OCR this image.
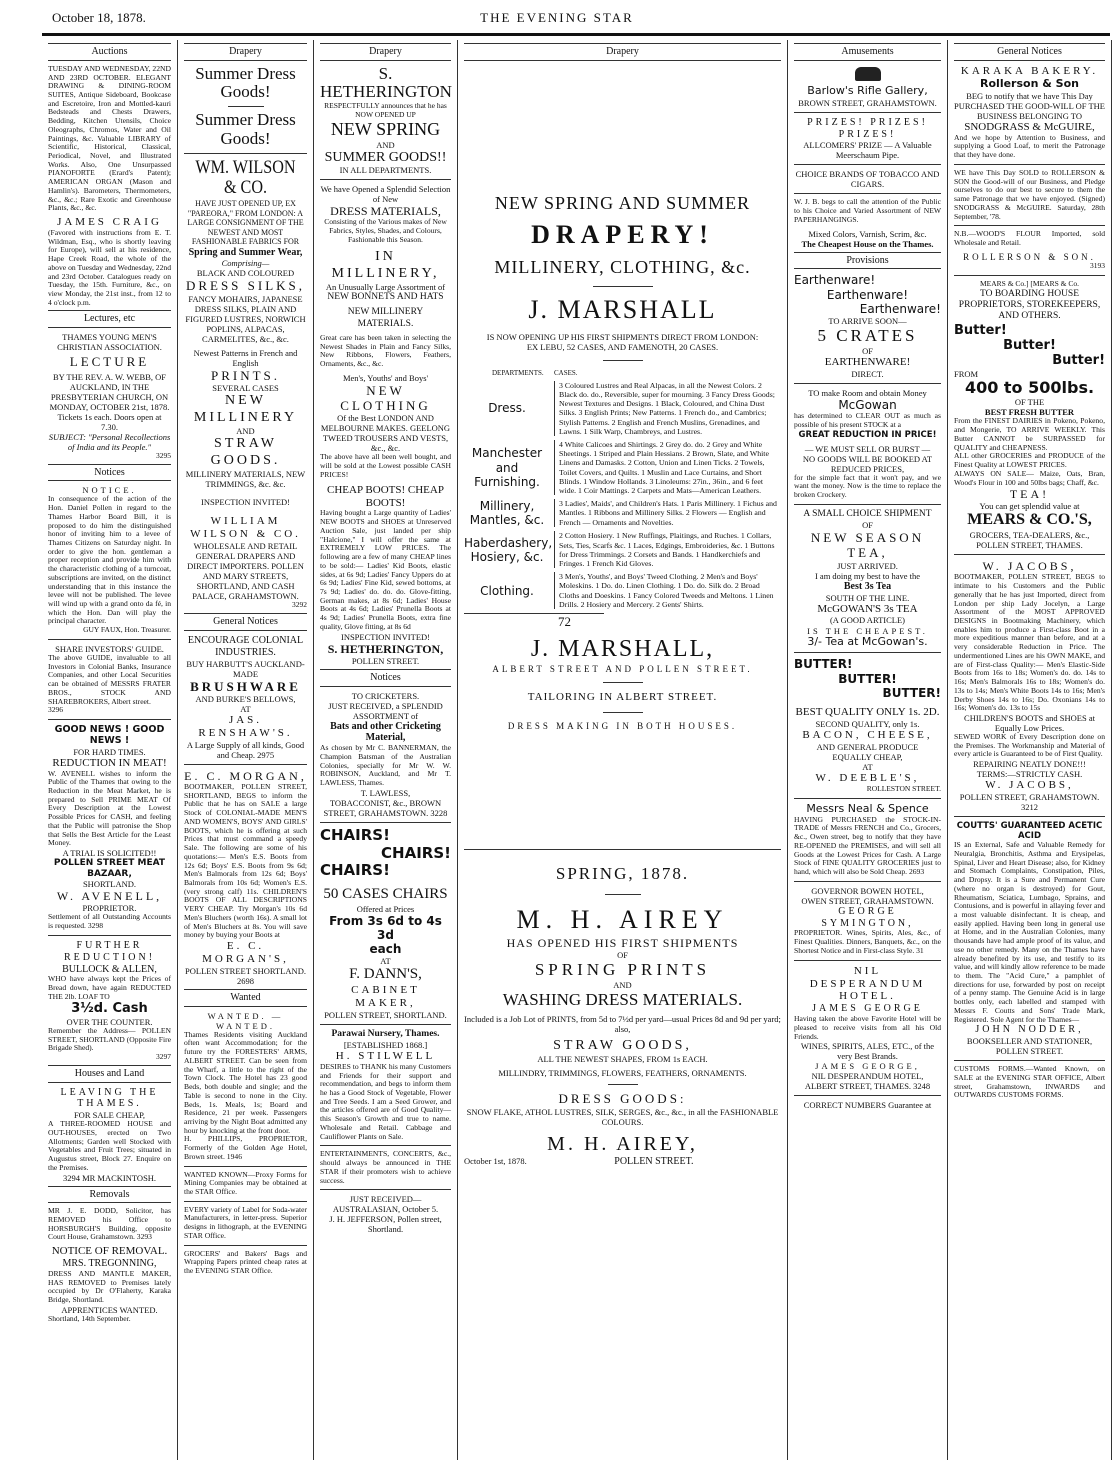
October 18, 1878.	THE EVENING STAR
Auctions
TUESDAY AND WEDNESDAY, 22ND AND 23RD OCTOBER. ELEGANT DRAWING & DINING-ROOM SUITES, Antique Sideboard, Bookcase and Escretoire, Iron and Mottled-kauri Bedsteads and Chests Drawers, Bedding, Kitchen Utensils, Choice Oleographs, Chromos, Water and Oil Paintings, &c. Valuable LIBRARY of Scientific, Historical, Classical, Periodical, Novel, and Illustrated Works. Also, One Unsurpassed PIANOFORTE (Erard's Patent); AMERICAN ORGAN (Mason and Hamlin's). Barometers, Thermometers, &c., &c.; Rare Exotic and Greenhouse Plants, &c., &c.
JAMES CRAIG
(Favored with instructions from E. T. Wildman, Esq., who is shortly leaving for Europe), will sell at his residence, Hape Creek Road, the whole of the above on Tuesday and Wednesday, 22nd and 23rd October. Catalogues ready on Tuesday, the 15th. Furniture, &c., on view Monday, the 21st inst., from 12 to 4 o'clock p.m.
Lectures, etc
THAMES YOUNG MEN'S CHRISTIAN ASSOCIATION.
LECTURE
BY THE REV. A. W. WEBB, OF AUCKLAND, IN THE PRESBYTERIAN CHURCH, ON MONDAY, OCTOBER 21st, 1878.
Tickets 1s each. Doors open at 7.30.
SUBJECT: "Personal Recollections of India and its People."
3295
Notices
NOTICE.
In consequence of the action of the Hon. Daniel Pollen in regard to the Thames Harbor Board Bill, it is proposed to do him the distinguished honor of inviting him to a levee of Thames Citizens on Saturday night. In order to give the hon. gentleman a proper reception and provide him with the characteristic clothing of a turncoat, subscriptions are invited, on the distinct understanding that in this instance the levee will not be published. The levee will wind up with a grand onto da fé, in which the Hon. Dan will play the principal character.
GUY FAUX, Hon. Treasurer.
SHARE INVESTORS' GUIDE.
The above GUIDE, invaluable to all Investors in Colonial Banks, Insurance Companies, and other Local Securities can be obtained of MESSRS FRATER BROS., STOCK AND SHAREBROKERS, Albert street.
3296
GOOD NEWS ! GOOD NEWS !
FOR HARD TIMES.
REDUCTION IN MEAT!
W. AVENELL wishes to inform the Public of the Thames that owing to the Reduction in the Meat Market, he is prepared to Sell PRIME MEAT Of Every Description at the Lowest Possible Prices for CASH, and feeling that the Public will patronise the Shop that Sells the Best Article for the Least Money.
A TRIAL IS SOLICITED!!
POLLEN STREET MEAT BAZAAR,
SHORTLAND.
W. AVENELL,
PROPRIETOR.
Settlement of all Outstanding Accounts is requested. 3298
FURTHER REDUCTION!
BULLOCK & ALLEN,
WHO have always kept the Prices of Bread down, have again REDUCTED THE 2lb. LOAF TO
3½d. Cash
OVER THE COUNTER.
Remember the Address— POLLEN STREET, SHORTLAND (Opposite Fire Brigade Shed).
3297
Houses and Land
LEAVING THE THAMES.
FOR SALE CHEAP,
A THREE-ROOMED HOUSE and OUT-HOUSES, erected on Two Allotments; Garden well Stocked with Vegetables and Fruit Trees; situated in Augustus street, Block 27. Enquire on the Premises.
3294 MR MACKINTOSH.
Removals
MR J. E. DODD, Solicitor, has REMOVED his Office to HORSBURGH'S Building, opposite Court House, Grahamstown. 3293
NOTICE OF REMOVAL.
MRS. TREGONNING,
DRESS AND MANTLE MAKER, HAS REMOVED to Premises lately occupied by Dr O'Flaherty, Karaka Bridge, Shortland.
APPRENTICES WANTED.
Shortland, 14th September.
Drapery
Summer Dress Goods!
Summer Dress Goods!
WM. WILSON & CO.
HAVE JUST OPENED UP, EX "PAREORA," FROM LONDON: A LARGE CONSIGNMENT OF THE NEWEST AND MOST FASHIONABLE FABRICS FOR
Spring and Summer Wear,
Comprising—
BLACK AND COLOURED
DRESS SILKS,
FANCY MOHAIRS, JAPANESE DRESS SILKS, PLAIN AND FIGURED LUSTRES, NORWICH POPLINS, ALPACAS, CARMELITES, &c., &c.
Newest Patterns in French and English
PRINTS.
SEVERAL CASES
NEW MILLINERY
AND
STRAW GOODS.
MILLINERY MATERIALS, NEW TRIMMINGS, &c. &c.
INSPECTION INVITED!
WILLIAM WILSON & CO.
WHOLESALE AND RETAIL GENERAL DRAPERS AND DIRECT IMPORTERS. POLLEN AND MARY STREETS, SHORTLAND, AND CASH PALACE, GRAHAMSTOWN.
3292
General Notices
ENCOURAGE COLONIAL INDUSTRIES.
BUY HARBUTT'S AUCKLAND-MADE
BRUSHWARE
AND BURKE'S BELLOWS,
AT
JAS. RENSHAW'S.
A Large Supply of all kinds, Good and Cheap. 2975
E. C. MORGAN,
BOOTMAKER, POLLEN STREET, SHORTLAND, BEGS to inform the Public that he has on SALE a large Stock of COLONIAL-MADE MEN'S AND WOMEN'S, BOYS' AND GIRLS' BOOTS, which he is offering at such Prices that must command a speedy Sale. The following are some of his quotations:— Men's E.S. Boots from 12s 6d; Boys' E.S. Boots from 9s 6d; Men's Balmorals from 12s 6d; Boys' Balmorals from 10s 6d; Women's E.S. (very strong calf) 11s. CHILDREN'S BOOTS OF ALL DESCRIPTIONS VERY CHEAP. Try Morgan's 10s 6d Men's Bluchers (worth 16s). A small lot of Men's Bluchers at 8s. You will save money by buying your Boots at
E. C. MORGAN'S,
POLLEN STREET SHORTLAND. 2698
Wanted
WANTED. — WANTED.
Thames Residents visiting Auckland often want Accommodation; for the future try the FORESTERS' ARMS, ALBERT STREET. Can be seen from the Wharf, a little to the right of the Town Clock. The Hotel has 23 good Beds, both double and single; and the Table is second to none in the City. Beds, 1s. Meals, 1s; Board and Residence, 21 per week. Passengers arriving by the Night Boat admitted any hour by knocking at the front door.
H. PHILLIPS, PROPRIETOR, Formerly of the Golden Age Hotel, Brown street. 1946
WANTED KNOWN—Proxy Forms for Mining Companies may be obtained at the STAR Office.
EVERY variety of Label for Soda-water Manufacturers, in letter-press. Superior designs in lithograph, at the EVENING STAR Office.
GROCERS' and Bakers' Bags and Wrapping Papers printed cheap rates at the EVENING STAR Office.
Drapery
S. HETHERINGTON
RESPECTFULLY announces that he has NOW OPENED UP
NEW SPRING
AND
SUMMER GOODS!!
IN ALL DEPARTMENTS.
We have Opened a Splendid Selection of New
DRESS MATERIALS,
Consisting of the Various makes of New Fabrics, Styles, Shades, and Colours, Fashionable this Season.
IN MILLINERY,
An Unusually Large Assortment of
NEW BONNETS AND HATS
NEW MILLINERY MATERIALS.
Great care has been taken in selecting the Newest Shades in Plain and Fancy Silks, New Ribbons, Flowers, Feathers, Ornaments, &c., &c.
Men's, Youths' and Boys'
NEW CLOTHING
Of the Best LONDON AND MELBOURNE MAKES. GEELONG TWEED TROUSERS AND VESTS, &c., &c.
The above have all been well bought, and will be sold at the Lowest possible CASH PRICES!
CHEAP BOOTS! CHEAP BOOTS!
Having bought a Large quantity of Ladies' NEW BOOTS and SHOES at Unreserved Auction Sale, just landed per ship "Halcione," I will offer the same at EXTREMELY LOW PRICES. The following are a few of many CHEAP lines to be sold:— Ladies' Kid Boots, elastic sides, at 6s 9d; Ladies' Fancy Uppers do at 6s 9d; Ladies' Fine Kid, sewed bottoms, at 7s 9d; Ladies' do. do. do. Glove-fitting, German makes, at 8s 6d; Ladies' House Boots at 4s 6d; Ladies' Prunella Boots at 4s 9d; Ladies' Prunella Boots, extra fine quality, Glove fitting, at 8s 6d
INSPECTION INVITED!
S. HETHERINGTON,
POLLEN STREET.
Notices
TO CRICKETERS.
JUST RECEIVED, a SPLENDID ASSORTMENT of
Bats and other Cricketing Material,
As chosen by Mr C. BANNERMAN, the Champion Batsman of the Australian Colonies, specially for Mr W. W. ROBINSON, Auckland, and Mr T. LAWLESS, Thames.
T. LAWLESS,
TOBACCONIST, &c., BROWN STREET, GRAHAMSTOWN. 3228
CHAIRS!
CHAIRS!
CHAIRS!
50 CASES CHAIRS
Offered at Prices
From 3s 6d to 4s 3d
each
AT
F. DANN'S,
CABINET MAKER,
POLLEN STREET, SHORTLAND.
Parawai Nursery, Thames.
[ESTABLISHED 1868.]
H. STILWELL
DESIRES to THANK his many Customers and Friends for their support and recommendation, and begs to inform them he has a Good Stock of Vegetable, Flower and Tree Seeds. I am a Seed Grower, and the articles offered are of Good Quality—this Season's Growth and true to name. Wholesale and Retail. Cabbage and Cauliflower Plants on Sale.
ENTERTAINMENTS, CONCERTS, &c., should always be announced in THE STAR if their promoters wish to achieve success.
JUST RECEIVED— AUSTRALASIAN, October 5.
J. H. JEFFERSON, Pollen street, Shortland.
Drapery
NEW SPRING AND SUMMER
DRAPERY!
MILLINERY, CLOTHING, &c.
J. MARSHALL
IS NOW OPENING UP HIS FIRST SHIPMENTS DIRECT FROM LONDON:
EX LEBU, 52 CASES, AND FAMENOTH, 20 CASES.
DEPARTMENTS.	CASES.
Dress.
3 Coloured Lustres and Real Alpacas, in all the Newest Colors. 2 Black do. do., Reversible, super for mourning. 3 Fancy Dress Goods; Newest Textures and Designs. 1 Black, Coloured, and China Dust Silks. 3 English Prints; New Patterns. 1 French do., and Cambrics; Stylish Patterns. 2 English and French Muslins, Grenadines, and Lawns. 1 Silk Warp, Chambreys, and Lustres.
Manchester and Furnishing.
4 White Calicoes and Shirtings. 2 Grey do. do. 2 Grey and White Sheetings. 1 Striped and Plain Hessians. 2 Brown, Slate, and White Linens and Damasks. 2 Cotton, Union and Linen Ticks. 2 Towels, Toilet Covers, and Quilts. 1 Muslin and Lace Curtains, and Short Blinds. 1 Window Hollands. 3 Linoleums: 27in., 36in., and 6 feet wide. 1 Coir Mattings. 2 Carpets and Mats—American Leathers.
Millinery, Mantles, &c.
3 Ladies', Maids', and Children's Hats. 1 Paris Millinery. 1 Fichus and Mantles. 1 Ribbons and Millinery Silks. 2 Flowers — English and French — Ornaments and Novelties.
Haberdashery, Hosiery, &c.
2 Cotton Hosiery. 1 New Ruffings, Plaitings, and Ruches. 1 Collars, Sets, Ties, Scarfs &c. 1 Laces, Edgings, Embroideries, &c. 1 Buttons for Dress Trimmings. 2 Corsets and Bands. 1 Handkerchiefs and Fringes. 1 French Kid Gloves.
Clothing.
3 Men's, Youths', and Boys' Tweed Clothing. 2 Men's and Boys' Moleskins. 1 Do. do. Linen Clothing. 1 Do. do. Silk do. 2 Broad Cloths and Doeskins. 1 Fancy Colored Tweeds and Meltons. 1 Linen Drills. 2 Hosiery and Mercery. 2 Gents' Shirts.
72
J. MARSHALL,
ALBERT STREET AND POLLEN STREET.
TAILORING IN ALBERT STREET.
DRESS MAKING IN BOTH HOUSES.
SPRING, 1878.
M. H. AIREY
HAS OPENED HIS FIRST SHIPMENTS
OF
SPRING PRINTS
AND
WASHING DRESS MATERIALS.
Included is a Job Lot of PRINTS, from 5d to 7½d per yard—usual Prices 8d and 9d per yard; also,
STRAW GOODS,
ALL THE NEWEST SHAPES, FROM 1s EACH.
MILLINDRY, TRIMMINGS, FLOWERS, FEATHERS, ORNAMENTS.
DRESS GOODS:
SNOW FLAKE, ATHOL LUSTRES, SILK, SERGES, &c., &c., in all the FASHIONABLE COLOURS.
M. H. AIREY,
October 1st, 1878.	POLLEN STREET.
Amusements
Barlow's Rifle Gallery,
BROWN STREET, GRAHAMSTOWN.
PRIZES! PRIZES! PRIZES!
ALLCOMERS' PRIZE — A Valuable Meerschaum Pipe.
CHOICE BRANDS OF TOBACCO AND CIGARS.
W. J. B. begs to call the attention of the Public to his Choice and Varied Assortment of NEW PAPERHANGINGS.
Mixed Colors, Varnish, Scrim, &c.
The Cheapest House on the Thames.
Provisions
Earthenware!
Earthenware!
Earthenware!
TO ARRIVE SOON—
5 CRATES
OF
EARTHENWARE!
DIRECT.
TO make Room and obtain Money
McGowan
has determined to CLEAR OUT as much as possible of his present STOCK at a
GREAT REDUCTION IN PRICE!
— WE MUST SELL OR BURST —
NO GOODS WILL BE BOOKED AT REDUCED PRICES,
for the simple fact that it won't pay, and we want the money. Now is the time to replace the broken Crockery.
A SMALL CHOICE SHIPMENT
OF
NEW SEASON TEA,
JUST ARRIVED.
I am doing my best to have the
Best 3s Tea
SOUTH OF THE LINE.
McGOWAN'S 3s TEA
(A GOOD ARTICLE)
IS THE CHEAPEST.
3/- Tea at McGowan's.
BUTTER!
BUTTER!
BUTTER!
BEST QUALITY ONLY 1s. 2D.
SECOND QUALITY, only 1s.
BACON, CHEESE,
AND GENERAL PRODUCE
EQUALLY CHEAP,
AT
W. DEEBLE'S,
ROLLESTON STREET.
Messrs Neal & Spence
HAVING PURCHASED the STOCK-IN-TRADE of Messrs FRENCH and Co., Grocers, &c., Owen street, beg to notify that they have RE-OPENED the PREMISES, and will sell all Goods at the Lowest Prices for Cash. A Large Stock of FINE QUALITY GROCERIES just to hand, which will also be Sold Cheap. 2693
GOVERNOR BOWEN HOTEL,
OWEN STREET, GRAHAMSTOWN.
GEORGE SYMINGTON,
PROPRIETOR. Wines, Spirits, Ales, &c., of Finest Qualities. Dinners, Banquets, &c., on the Shortest Notice and in First-class Style. 31
NIL DESPERANDUM HOTEL.
JAMES GEORGE
Having taken the above Favorite Hotel will be pleased to receive visits from all his Old Friends.
WINES, SPIRITS, ALES, ETC., of the very Best Brands.
JAMES GEORGE,
NIL DESPERANDUM HOTEL,
ALBERT STREET, THAMES. 3248
CORRECT NUMBERS Guarantee at
General Notices
KARAKA BAKERY.
Rollerson & Son
BEG to notify that we have This Day PURCHASED THE GOOD-WILL OF THE BUSINESS BELONGING TO
SNODGRASS & McGUIRE,
And we hope by Attention to Business, and supplying a Good Loaf, to merit the Patronage that they have done.
WE have This Day SOLD to ROLLERSON & SON the Good-will of our Business, and Pledge ourselves to do our best to secure to them the same Patronage that we have enjoyed. (Signed) SNODGRASS & McGUIRE. Saturday, 28th September, '78.
N.B.—WOOD'S FLOUR Imported, sold Wholesale and Retail.
ROLLERSON & SON.
3193
MEARS & Co.] [MEARS & Co.
TO BOARDING HOUSE PROPRIETORS, STOREKEEPERS, AND OTHERS.
Butter!
Butter!
Butter!
FROM
400 to 500lbs.
OF THE
BEST FRESH BUTTER
From the FINEST DAIRIES in Pokeno, Pokeno, and Mongerie, TO ARRIVE WEEKLY. This Butter CANNOT be SURPASSED for QUALITY and CHEAPNESS.
ALL other GROCERIES and PRODUCE of the Finest Quality at LOWEST PRICES.
ALWAYS ON SALE— Maize, Oats, Bran, Wood's Flour in 100 and 50lbs bags; Chaff, &c.
TEA!
You can get splendid value at
MEARS & CO.'S,
GROCERS, TEA-DEALERS, &c., POLLEN STREET, THAMES.
W. JACOBS,
BOOTMAKER, POLLEN STREET, BEGS to intimate to his Customers and the Public generally that he has just Imported, direct from London per ship Lady Jocelyn, a Large Assortment of the MOST APPROVED DESIGNS in Bootmaking Machinery, which enables him to produce a First-class Boot in a more expeditious manner than before, and at a very considerable Reduction in Price. The undermentioned Lines are his OWN MAKE, and are of First-class Quality:— Men's Elastic-Side Boots from 16s to 18s; Women's do. do. 14s to 16s; Men's Balmorals 16s to 18s; Women's do. 13s to 14s; Men's White Boots 14s to 16s; Men's Derby Shoes 14s to 16s; Do. Oxonians 14s to 16s; Women's do. 13s to 15s
CHILDREN'S BOOTS and SHOES at Equally Low Prices.
SEWED WORK of Every Description done on the Premises. The Workmanship and Material of every article is Guaranteed to be of First Quality.
REPAIRING NEATLY DONE!!!
TERMS:—STRICTLY CASH.
W. JACOBS,
POLLEN STREET, GRAHAMSTOWN. 3212
COUTTS' GUARANTEED ACETIC ACID
IS an External, Safe and Valuable Remedy for Neuralgia, Bronchitis, Asthma and Erysipelas, Spinal, Liver and Heart Disease; also, for Kidney and Stomach Complaints, Constipation, Piles, and Dropsy. It is a Sure and Permanent Cure (where no organ is destroyed) for Gout, Rheumatism, Sciatica, Lumbago, Sprains, and Contusions, and is powerful in allaying fever and a most valuable disinfectant. It is cheap, and easily applied. Having been long in general use at Home, and in the Australian Colonies, many thousands have had ample proof of its value, and use no other remedy. Many on the Thames have already benefited by its use, and testify to its value, and will kindly allow reference to be made to them. The "Acid Cure," a pamphlet of directions for use, forwarded by post on receipt of a penny stamp. The Genuine Acid is in large bottles only, each labelled and stamped with Messrs F. Coutts and Sons' Trade Mark, Registered. Sole Agent for the Thames—
JOHN NODDER,
BOOKSELLER AND STATIONER, POLLEN STREET.
CUSTOMS FORMS.—Wanted Known, on SALE at the EVENING STAR OFFICE, Albert street, Grahamstown, INWARDS and OUTWARDS CUSTOMS FORMS.
